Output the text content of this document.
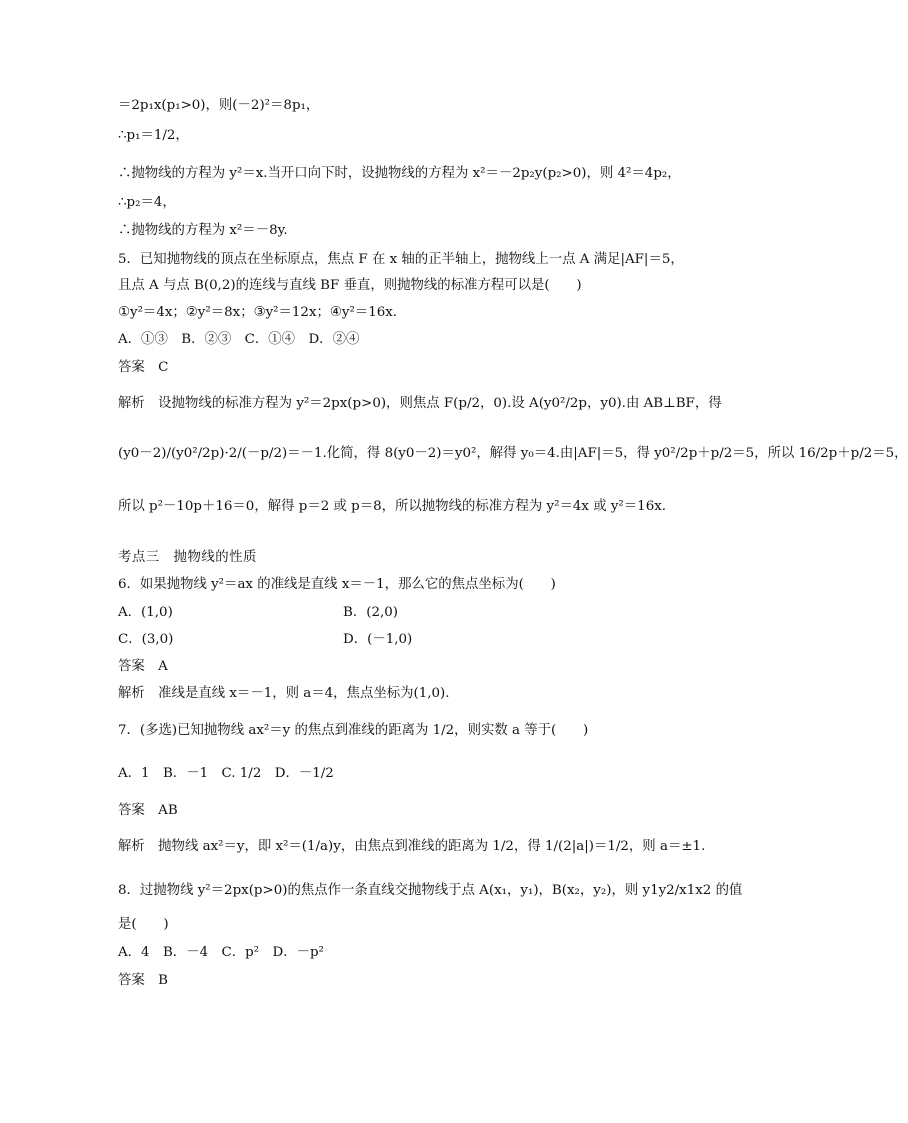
＝2p₁x(p₁>0)，则(－2)²＝8p₁，
∴p₁＝1/2，
∴抛物线的方程为 y²＝x.当开口向下时，设抛物线的方程为 x²＝－2p₂y(p₂>0)，则 4²＝4p₂，
∴p₂＝4，
∴抛物线的方程为 x²＝－8y.
5．已知抛物线的顶点在坐标原点，焦点 F 在 x 轴的正半轴上，抛物线上一点 A 满足|AF|＝5，
且点 A 与点 B(0,2)的连线与直线 BF 垂直，则抛物线的标准方程可以是(　　)
①y²＝4x；②y²＝8x；③y²＝12x；④y²＝16x.
A．①③　B．②③　C．①④　D．②④
答案　C
解析　设抛物线的标准方程为 y²＝2px(p>0)，则焦点 F(p/2，0).设 A(y0²/2p，y0).由 AB⊥BF，得
(y0－2)/(y0²/2p)·2/(－p/2)＝－1.化简，得 8(y0－2)＝y0²，解得 y₀＝4.由|AF|＝5，得 y0²/2p＋p/2＝5，所以 16/2p＋p/2＝5，
所以 p²－10p＋16＝0，解得 p＝2 或 p＝8，所以抛物线的标准方程为 y²＝4x 或 y²＝16x.
考点三　抛物线的性质
6．如果抛物线 y²＝ax 的准线是直线 x＝－1，那么它的焦点坐标为(　　)
A．(1,0)	B．(2,0)
C．(3,0)	D．(－1,0)
答案　A
解析　准线是直线 x＝－1，则 a＝4，焦点坐标为(1,0).
7．(多选)已知抛物线 ax²＝y 的焦点到准线的距离为 1/2，则实数 a 等于(　　)
A．1　B．－1　C. 1/2　D．－1/2
答案　AB
解析　抛物线 ax²＝y，即 x²＝(1/a)y，由焦点到准线的距离为 1/2，得 1/(2|a|)＝1/2，则 a＝±1.
8．过抛物线 y²＝2px(p>0)的焦点作一条直线交抛物线于点 A(x₁，y₁)，B(x₂，y₂)，则 y1y2/x1x2 的值
是(　　)
A．4　B．－4　C．p²　D．－p²
答案　B
